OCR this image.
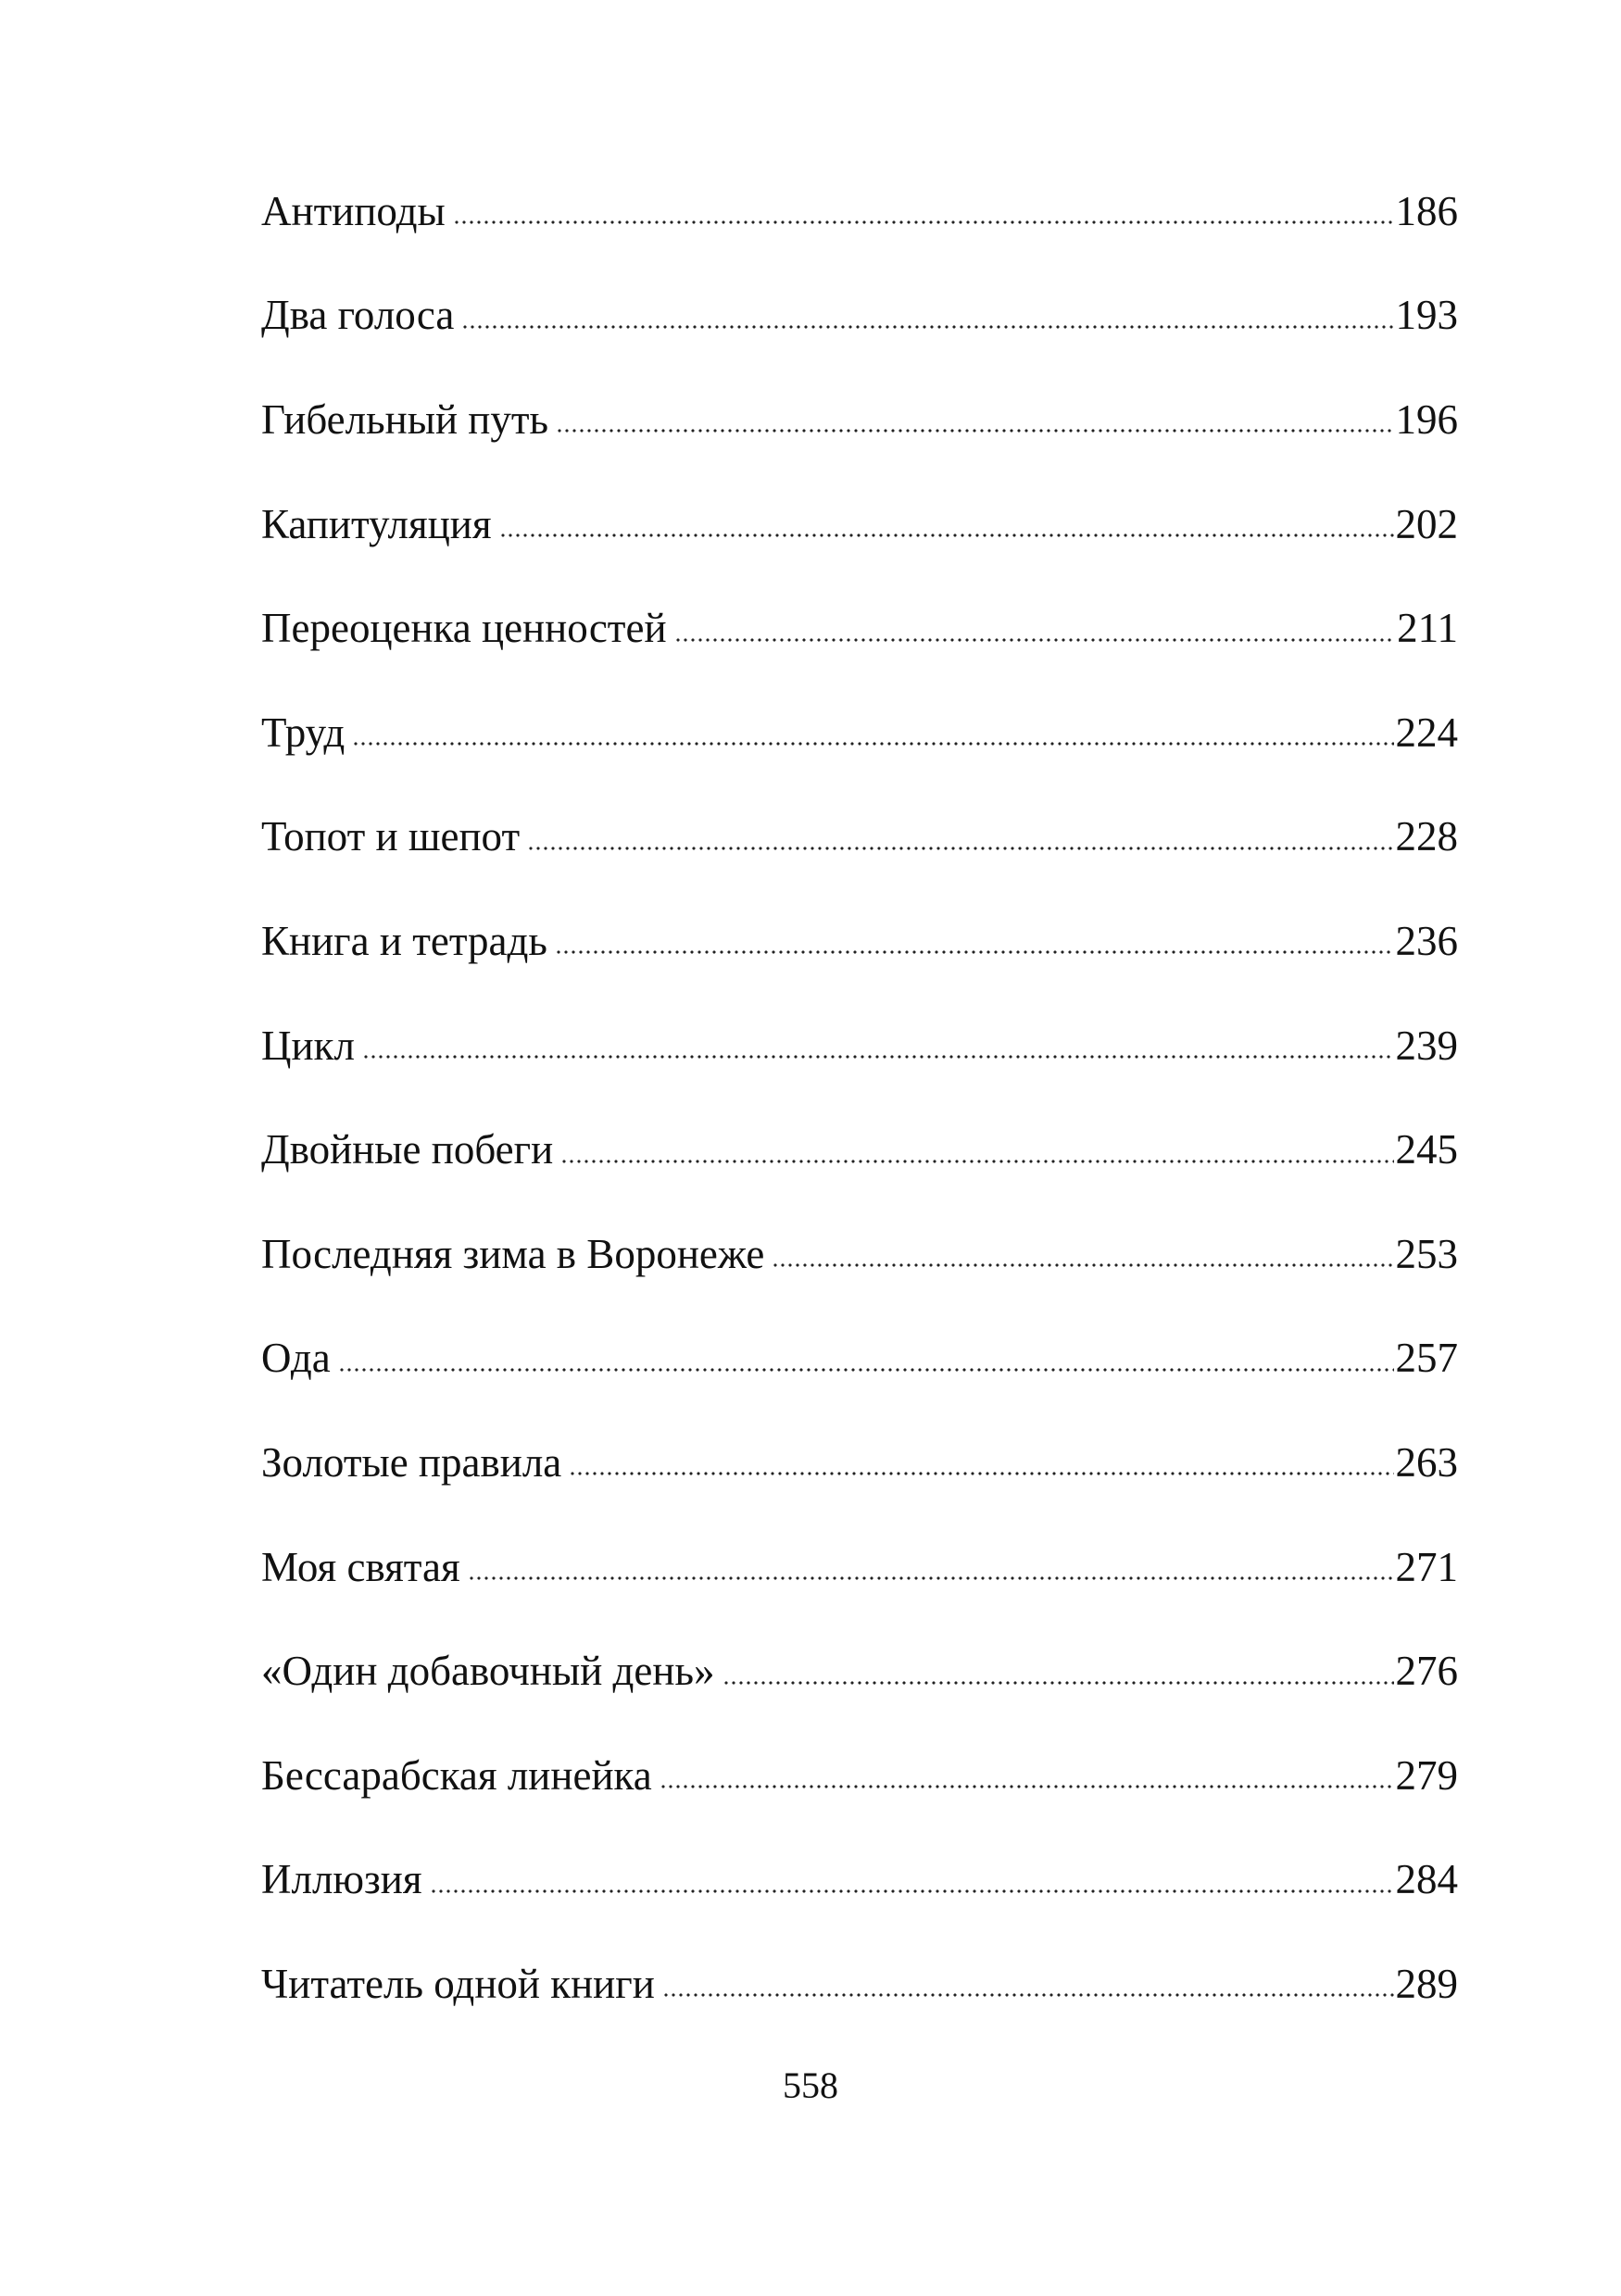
Антиподы	186
Два голоса	193
Гибельный путь	196
Капитуляция	202
Переоценка ценностей	211
Труд	224
Топот и шепот	228
Книга и тетрадь	236
Цикл	239
Двойные побеги	245
Последняя зима в Воронеже	253
Ода	257
Золотые правила	263
Моя святая	271
«Один добавочный день»	276
Бессарабская линейка	279
Иллюзия	284
Читатель одной книги	289
558
